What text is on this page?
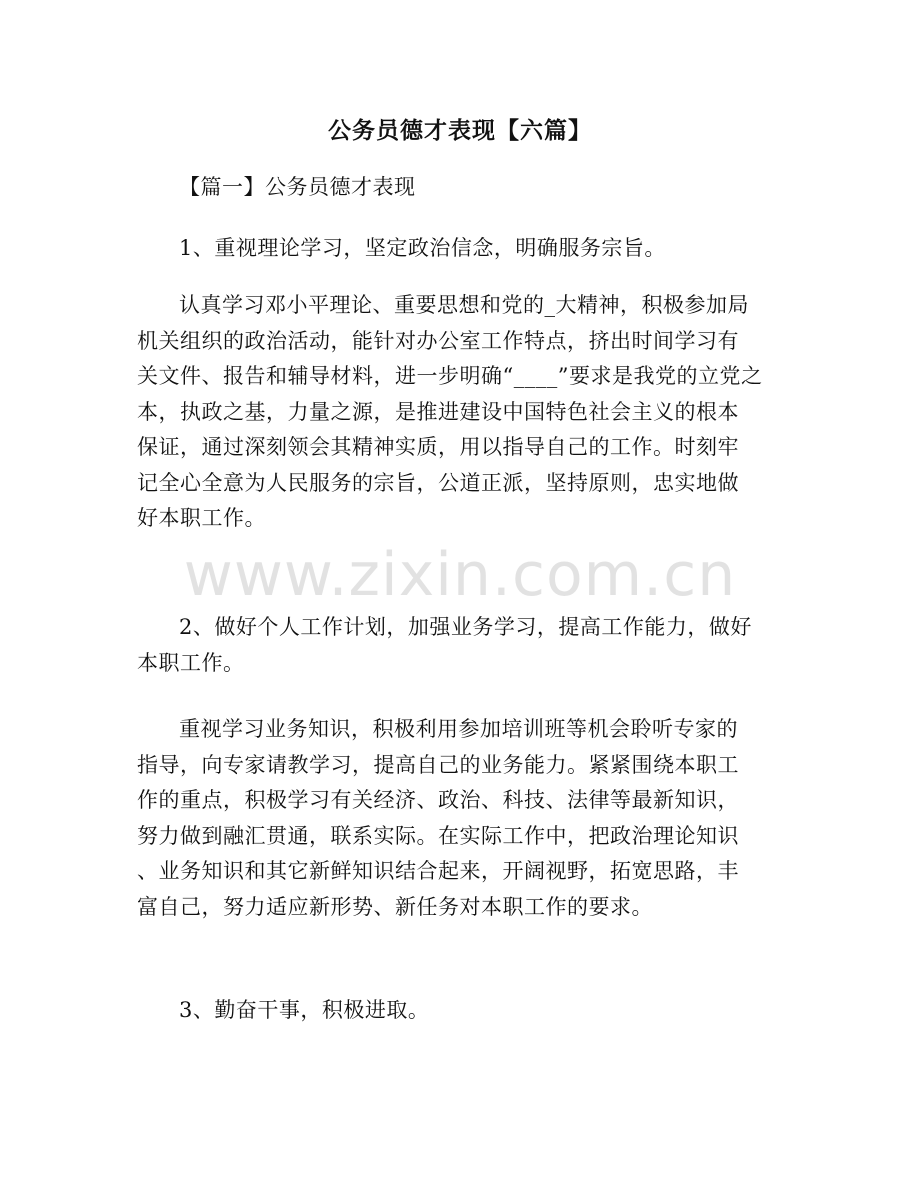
公务员德才表现【六篇】

【篇一】公务员德才表现

1、重视理论学习，坚定政治信念，明确服务宗旨。

认真学习邓小平理论、重要思想和党的_大精神，积极参加局
机关组织的政治活动，能针对办公室工作特点，挤出时间学习有
关文件、报告和辅导材料，进一步明确“____”要求是我党的立党之
本，执政之基，力量之源，是推进建设中国特色社会主义的根本
保证，通过深刻领会其精神实质，用以指导自己的工作。时刻牢
记全心全意为人民服务的宗旨，公道正派，坚持原则，忠实地做
好本职工作。

2、做好个人工作计划，加强业务学习，提高工作能力，做好
本职工作。

重视学习业务知识，积极利用参加培训班等机会聆听专家的
指导，向专家请教学习，提高自己的业务能力。紧紧围绕本职工
作的重点，积极学习有关经济、政治、科技、法律等最新知识，
努力做到融汇贯通，联系实际。在实际工作中，把政治理论知识
、业务知识和其它新鲜知识结合起来，开阔视野，拓宽思路，丰
富自己，努力适应新形势、新任务对本职工作的要求。

3、勤奋干事，积极进取。

www.zixin.com.cn
